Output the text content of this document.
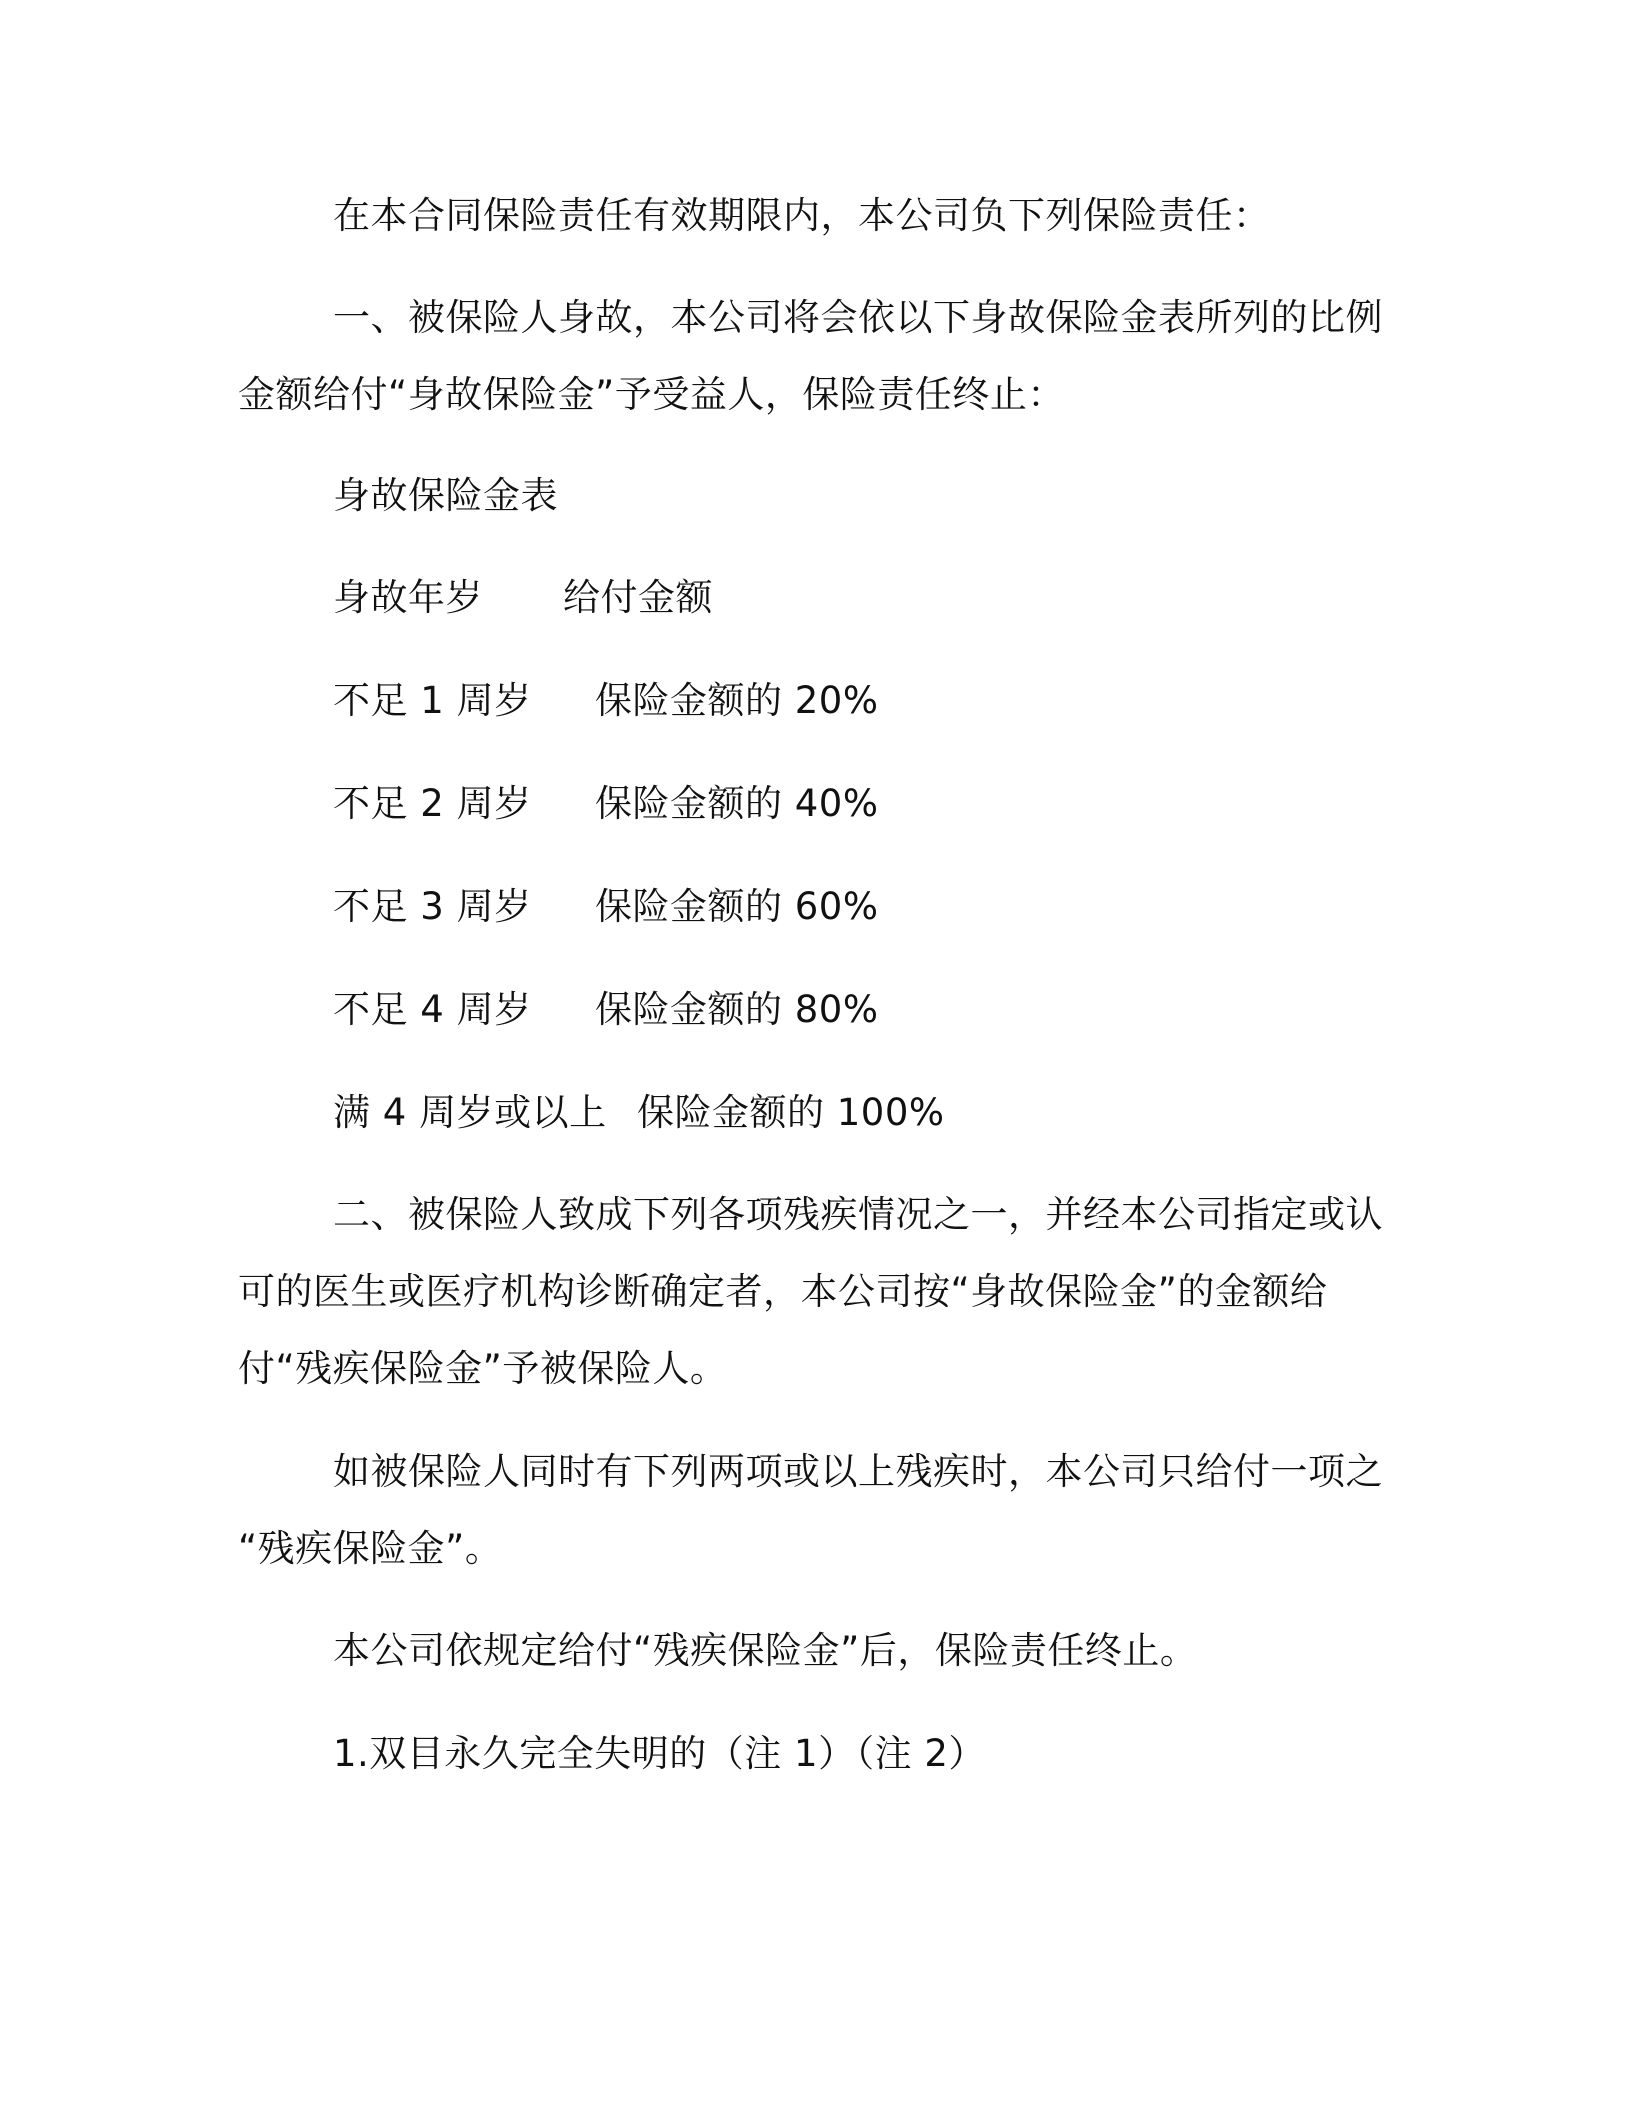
在本合同保险责任有效期限内，本公司负下列保险责任：
一、被保险人身故，本公司将会依以下身故保险金表所列的比例
金额给付“身故保险金”予受益人，保险责任终止：
身故保险金表
身故年岁 给付金额
不足 1 周岁 保险金额的 20%
不足 2 周岁 保险金额的 40%
不足 3 周岁 保险金额的 60%
不足 4 周岁 保险金额的 80%
满 4 周岁或以上 保险金额的 100%
二、被保险人致成下列各项残疾情况之一，并经本公司指定或认
可的医生或医疗机构诊断确定者，本公司按“身故保险金”的金额给
付“残疾保险金”予被保险人。
如被保险人同时有下列两项或以上残疾时，本公司只给付一项之
“残疾保险金”。
本公司依规定给付“残疾保险金”后，保险责任终止。
1.双目永久完全失明的（注 1）（注 2）
